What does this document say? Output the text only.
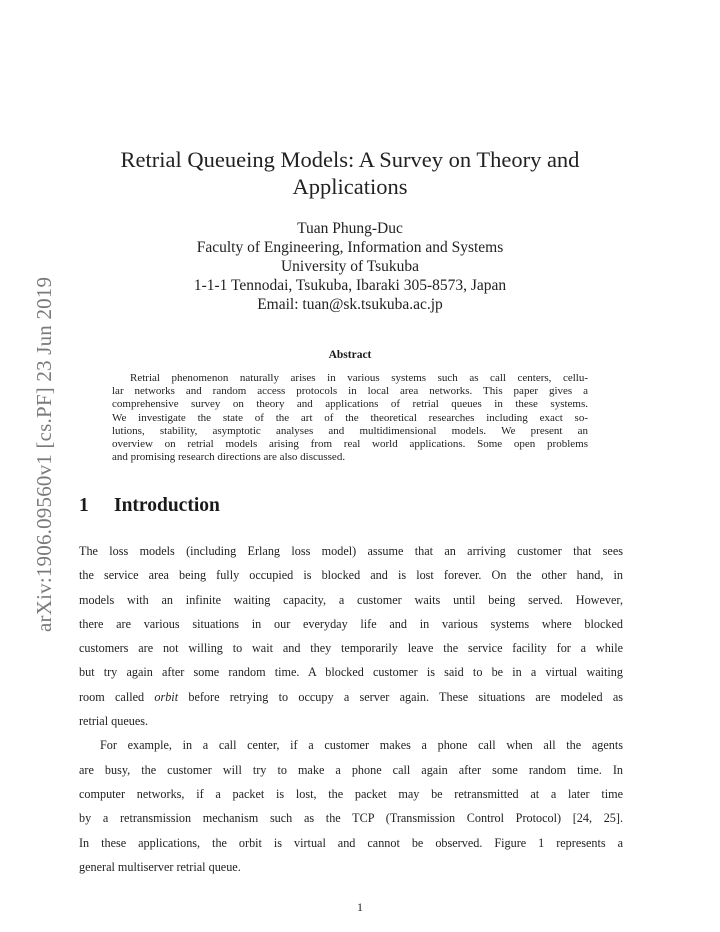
arXiv:1906.09560v1 [cs.PF] 23 Jun 2019
Retrial Queueing Models: A Survey on Theory and
Applications
Tuan Phung-Duc
Faculty of Engineering, Information and Systems
University of Tsukuba
1-1-1 Tennodai, Tsukuba, Ibaraki 305-8573, Japan
Email: tuan@sk.tsukuba.ac.jp
Abstract
Retrial phenomenon naturally arises in various systems such as call centers, cellu-
lar networks and random access protocols in local area networks. This paper gives a
comprehensive survey on theory and applications of retrial queues in these systems.
We investigate the state of the art of the theoretical researches including exact so-
lutions, stability, asymptotic analyses and multidimensional models. We present an
overview on retrial models arising from real world applications. Some open problems
and promising research directions are also discussed.
1 Introduction
The loss models (including Erlang loss model) assume that an arriving customer that sees
the service area being fully occupied is blocked and is lost forever. On the other hand, in
models with an infinite waiting capacity, a customer waits until being served. However,
there are various situations in our everyday life and in various systems where blocked
customers are not willing to wait and they temporarily leave the service facility for a while
but try again after some random time. A blocked customer is said to be in a virtual waiting
room called orbit before retrying to occupy a server again. These situations are modeled as
retrial queues.
For example, in a call center, if a customer makes a phone call when all the agents
are busy, the customer will try to make a phone call again after some random time. In
computer networks, if a packet is lost, the packet may be retransmitted at a later time
by a retransmission mechanism such as the TCP (Transmission Control Protocol) [24, 25].
In these applications, the orbit is virtual and cannot be observed. Figure 1 represents a
general multiserver retrial queue.
1
